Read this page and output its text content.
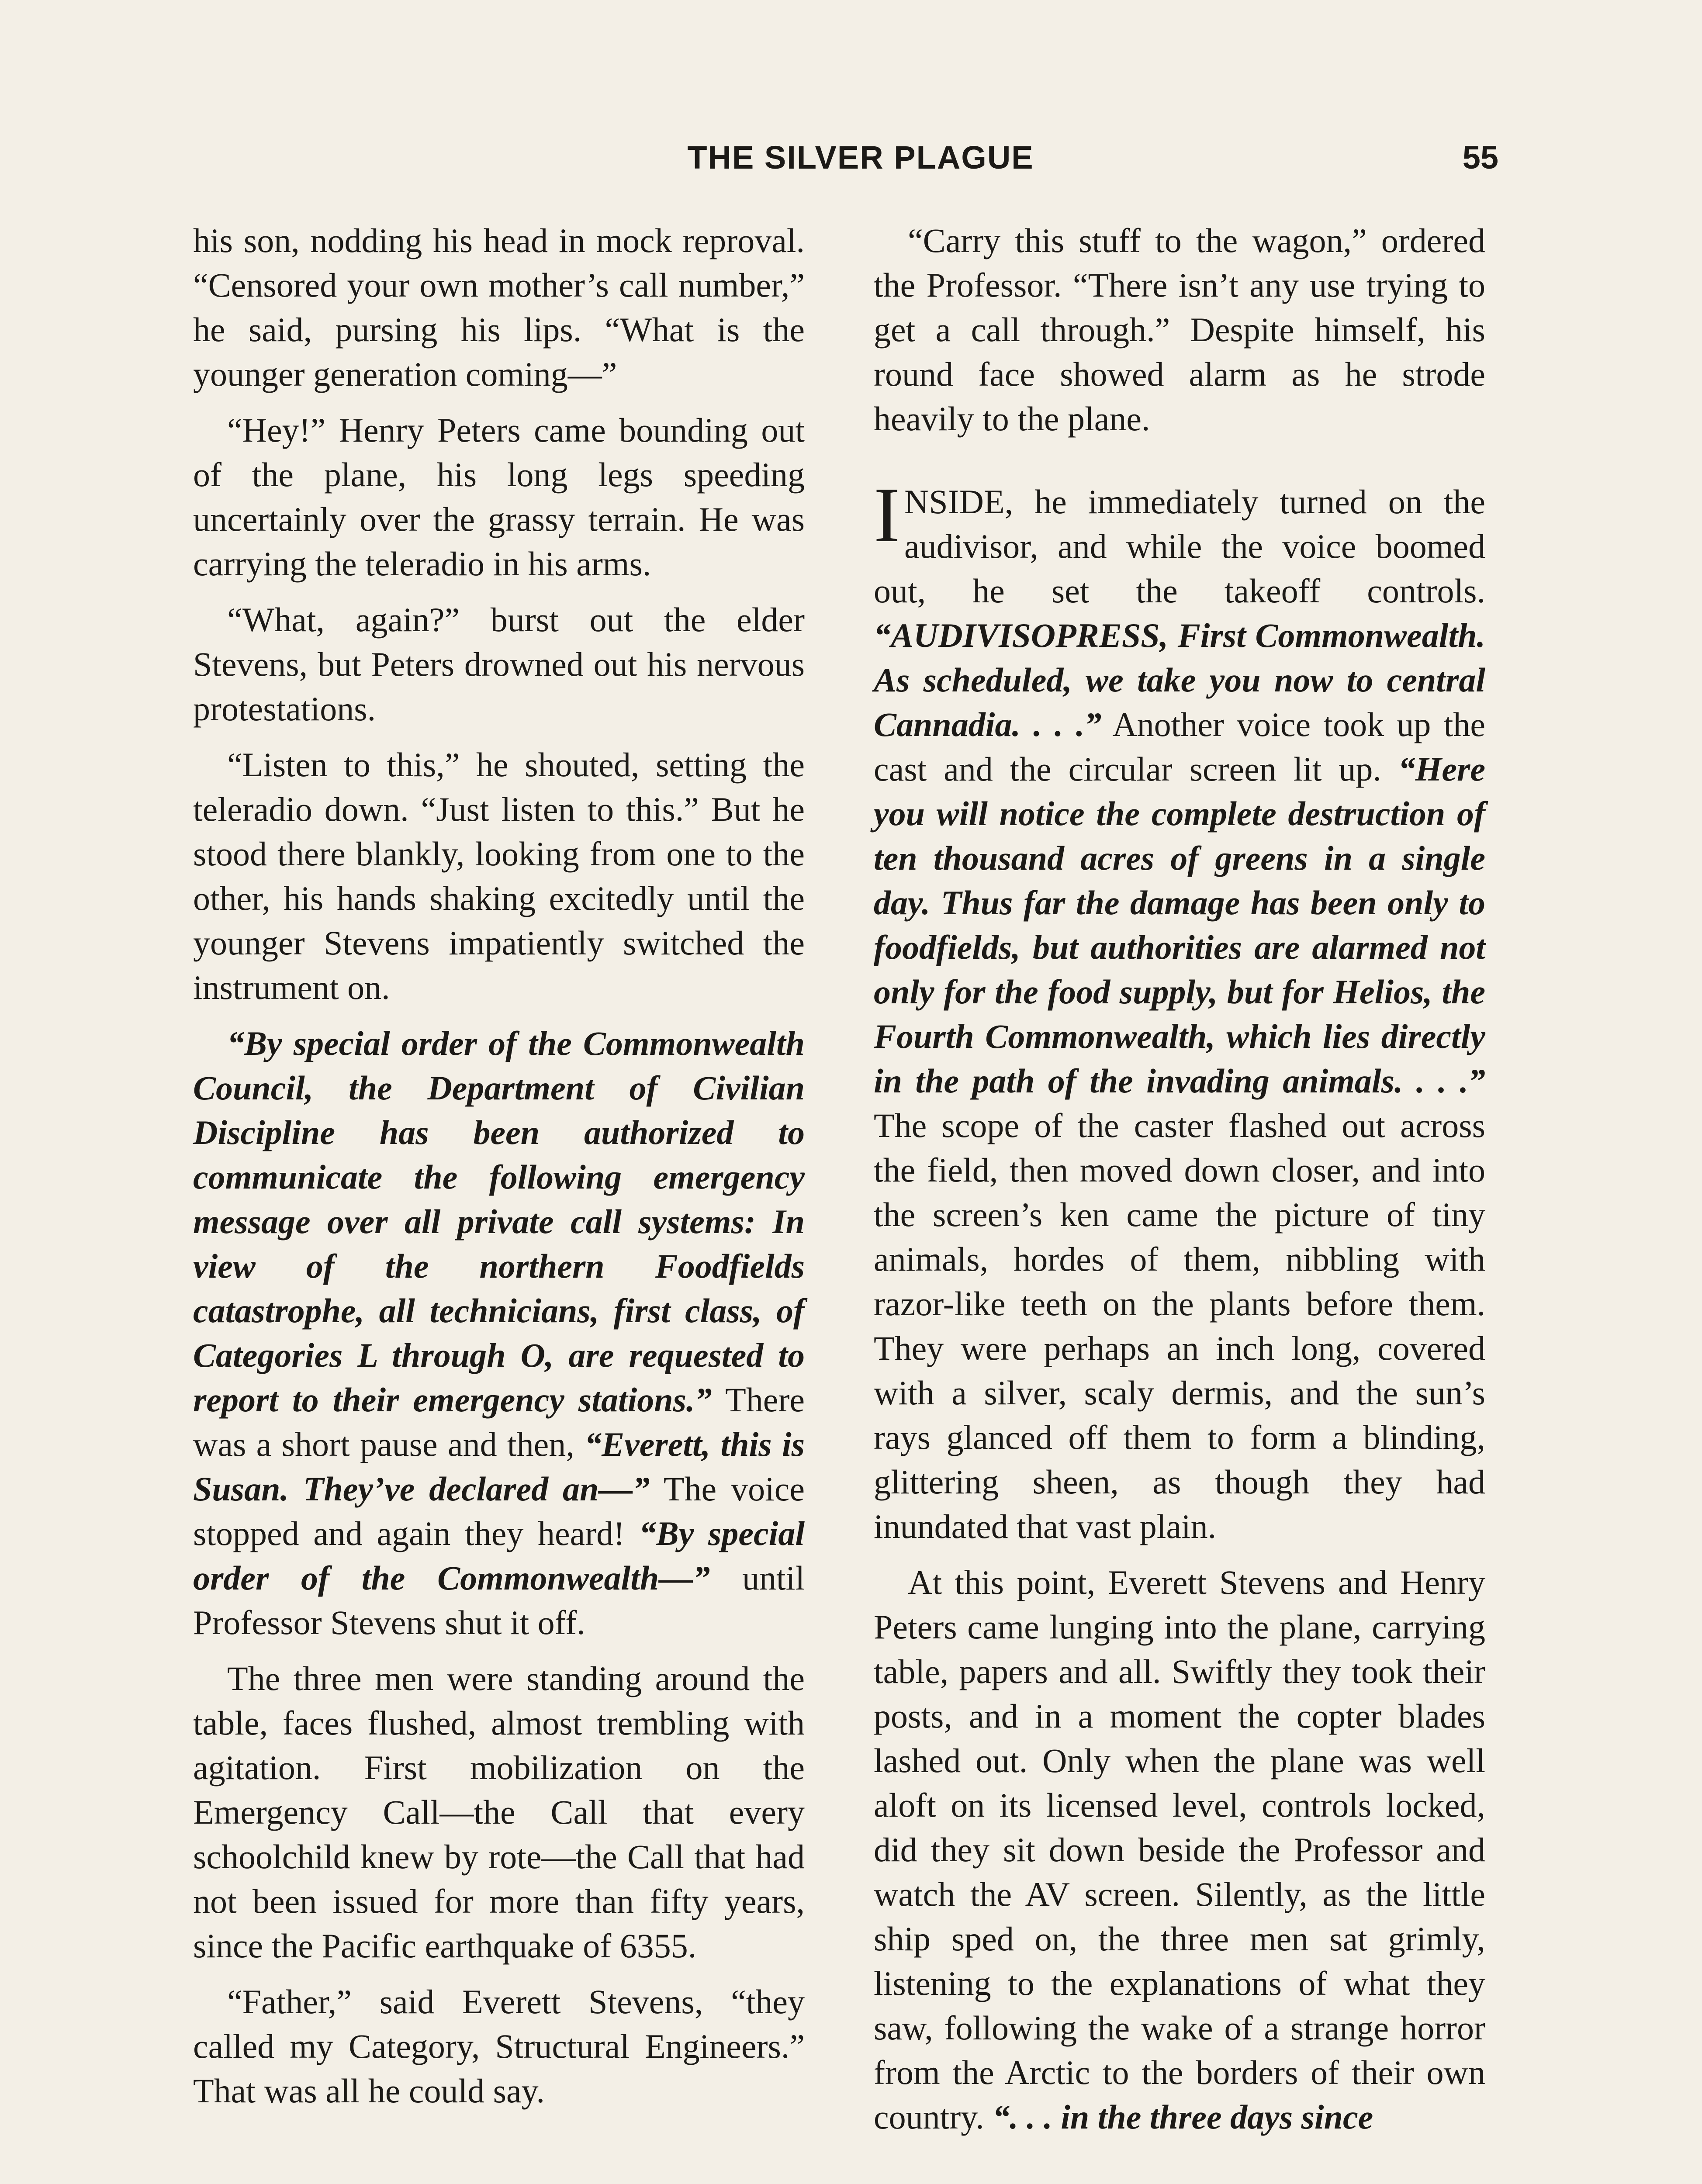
THE SILVER PLAGUE	55

his son, nodding his head in mock reproval. “Censored your own mother’s call number,” he said, pursing his lips. “What is the younger generation coming—”

“Hey!” Henry Peters came bounding out of the plane, his long legs speeding uncertainly over the grassy terrain. He was carrying the teleradio in his arms.

“What, again?” burst out the elder Stevens, but Peters drowned out his nervous protestations.

“Listen to this,” he shouted, setting the teleradio down. “Just listen to this.” But he stood there blankly, looking from one to the other, his hands shaking excitedly until the younger Stevens impatiently switched the instrument on.

“By special order of the Commonwealth Council, the Department of Civilian Discipline has been authorized to communicate the following emergency message over all private call systems: In view of the northern Foodfields catastrophe, all technicians, first class, of Categories L through O, are requested to report to their emergency stations.” There was a short pause and then, “Everett, this is Susan. They’ve declared an—” The voice stopped and again they heard! “By special order of the Commonwealth—” until Professor Stevens shut it off.

The three men were standing around the table, faces flushed, almost trembling with agitation. First mobilization on the Emergency Call—the Call that every schoolchild knew by rote—the Call that had not been issued for more than fifty years, since the Pacific earthquake of 6355.

“Father,” said Everett Stevens, “they called my Category, Structural Engineers.” That was all he could say.

“Carry this stuff to the wagon,” ordered the Professor. “There isn’t any use trying to get a call through.” Despite himself, his round face showed alarm as he strode heavily to the plane.

INSIDE, he immediately turned on the audivisor, and while the voice boomed out, he set the takeoff controls. “AUDIVISOPRESS, First Commonwealth. As scheduled, we take you now to central Cannadia. . . .” Another voice took up the cast and the circular screen lit up. “Here you will notice the complete destruction of ten thousand acres of greens in a single day. Thus far the damage has been only to foodfields, but authorities are alarmed not only for the food supply, but for Helios, the Fourth Commonwealth, which lies directly in the path of the invading animals. . . .” The scope of the caster flashed out across the field, then moved down closer, and into the screen’s ken came the picture of tiny animals, hordes of them, nibbling with razor-like teeth on the plants before them. They were perhaps an inch long, covered with a silver, scaly dermis, and the sun’s rays glanced off them to form a blinding, glittering sheen, as though they had inundated that vast plain.

At this point, Everett Stevens and Henry Peters came lunging into the plane, carrying table, papers and all. Swiftly they took their posts, and in a moment the copter blades lashed out. Only when the plane was well aloft on its licensed level, controls locked, did they sit down beside the Professor and watch the AV screen. Silently, as the little ship sped on, the three men sat grimly, listening to the explanations of what they saw, following the wake of a strange horror from the Arctic to the borders of their own country. “. . . in the three days since
